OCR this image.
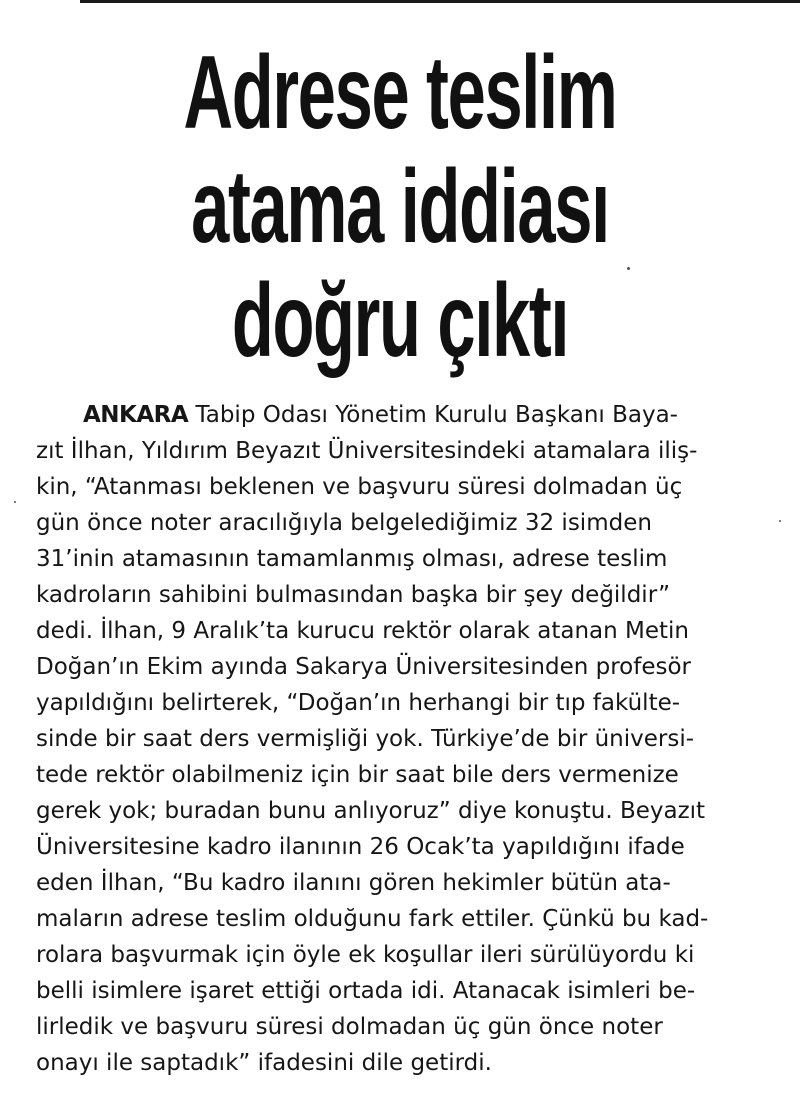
Adrese teslim
atama iddiası
doğru çıktı
ANKARA Tabip Odası Yönetim Kurulu Başkanı Baya-
zıt İlhan, Yıldırım Beyazıt Üniversitesindeki atamalara iliş-
kin, “Atanması beklenen ve başvuru süresi dolmadan üç
gün önce noter aracılığıyla belgelediğimiz 32 isimden
31’inin atamasının tamamlanmış olması, adrese teslim
kadroların sahibini bulmasından başka bir şey değildir”
dedi. İlhan, 9 Aralık’ta kurucu rektör olarak atanan Metin
Doğan’ın Ekim ayında Sakarya Üniversitesinden profesör
yapıldığını belirterek, “Doğan’ın herhangi bir tıp fakülte-
sinde bir saat ders vermişliği yok. Türkiye’de bir üniversi-
tede rektör olabilmeniz için bir saat bile ders vermenize
gerek yok; buradan bunu anlıyoruz” diye konuştu. Beyazıt
Üniversitesine kadro ilanının 26 Ocak’ta yapıldığını ifade
eden İlhan, “Bu kadro ilanını gören hekimler bütün ata-
maların adrese teslim olduğunu fark ettiler. Çünkü bu kad-
rolara başvurmak için öyle ek koşullar ileri sürülüyordu ki
belli isimlere işaret ettiği ortada idi. Atanacak isimleri be-
lirledik ve başvuru süresi dolmadan üç gün önce noter
onayı ile saptadık” ifadesini dile getirdi.
